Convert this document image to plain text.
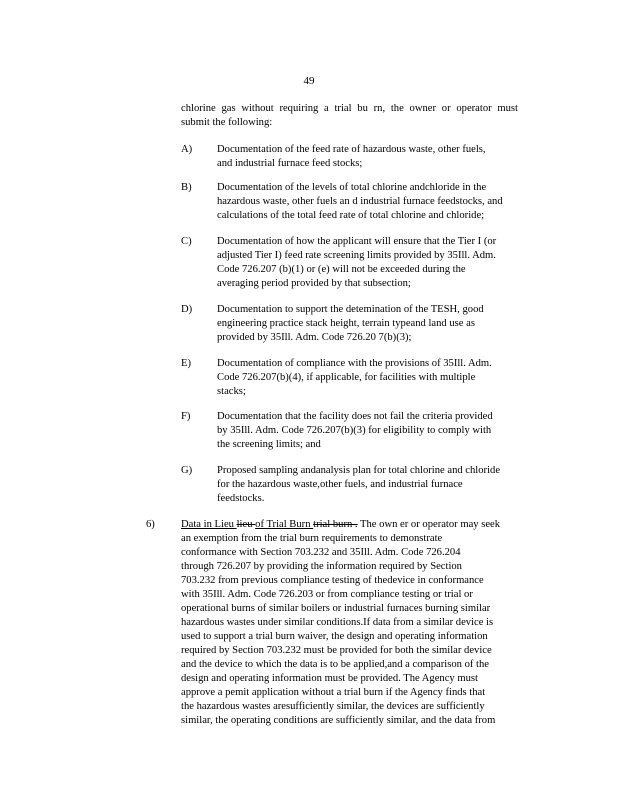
49
chlorine gas without requiring a trial bu rn, the owner or operator must
submit the following:
A) Documentation of the feed rate of hazardous waste, other fuels,
and industrial furnace feed stocks;
B) Documentation of the levels of total chlorine andchloride in the
hazardous waste, other fuels an d industrial furnace feedstocks, and
calculations of the total feed rate of total chlorine and chloride;
C) Documentation of how the applicant will ensure that the Tier I (or
adjusted Tier I) feed rate screening limits provided by 35Ill. Adm.
Code 726.207 (b)(1) or (e) will not be exceeded during the
averaging period provided by that subsection;
D) Documentation to support the detemination of the TESH, good
engineering practice stack height, terrain typeand land use as
provided by 35Ill. Adm. Code 726.20 7(b)(3);
E) Documentation of compliance with the provisions of 35Ill. Adm.
Code 726.207(b)(4), if applicable, for facilities with multiple
stacks;
F)	Documentation that the facility does not fail the criteria provided
by 35Ill. Adm. Code 726.207(b)(3) for eligibility to comply with
the screening limits; and
G) Proposed sampling andanalysis plan for total chlorine and chloride
for the hazardous waste,other fuels, and industrial furnace
feedstocks.
6) Data in Lieu lieu of Trial Burn trial burn . The own er or operator may seek
an exemption from the trial burn requirements to demonstrate
conformance with Section 703.232 and 35Ill. Adm. Code 726.204
through 726.207 by providing the information required by Section
703.232 from previous compliance testing of thedevice in conformance
with 35Ill. Adm. Code 726.203 or from compliance testing or trial or
operational burns of similar boilers or industrial furnaces burning similar
hazardous wastes under similar conditions.If data from a similar device is
used to support a trial burn waiver, the design and operating information
required by Section 703.232 must be provided for both the similar device
and the device to which the data is to be applied,and a comparison of the
design and operating information must be provided. The Agency must
approve a pemit application without a trial burn if the Agency finds that
the hazardous wastes aresufficiently similar, the devices are sufficiently
similar, the operating conditions are sufficiently similar, and the data from
